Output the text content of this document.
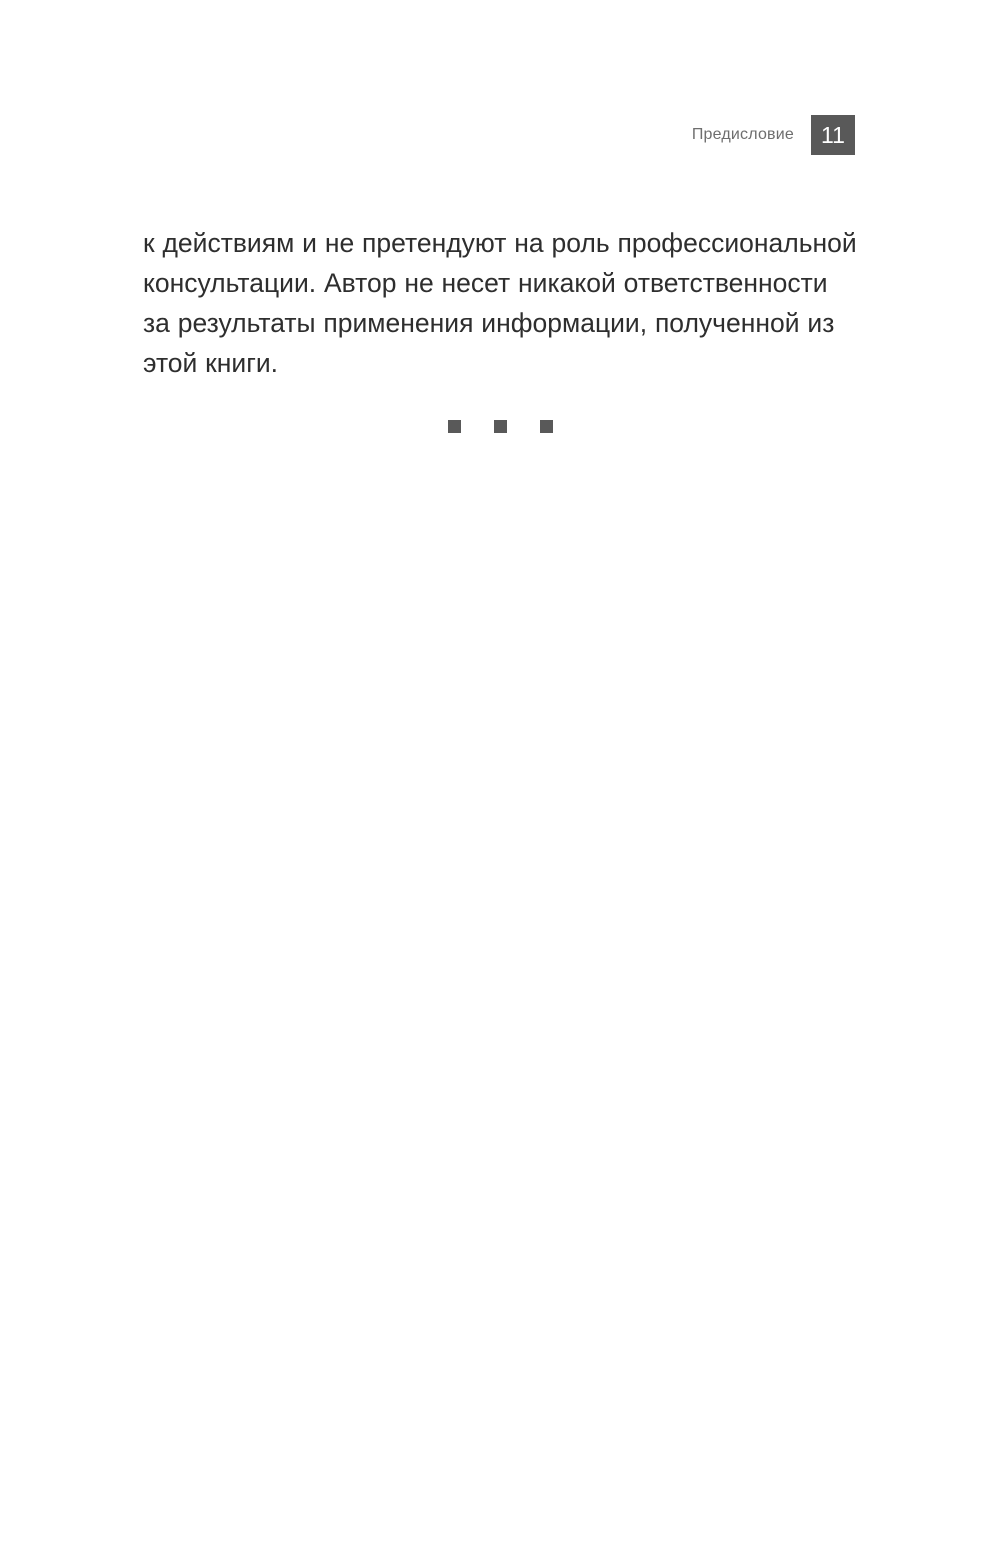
Предисловие	11

к действиям и не претендуют на роль профессиональной консультации. Автор не несет никакой ответственности за результаты применения информации, полученной из этой книги.
